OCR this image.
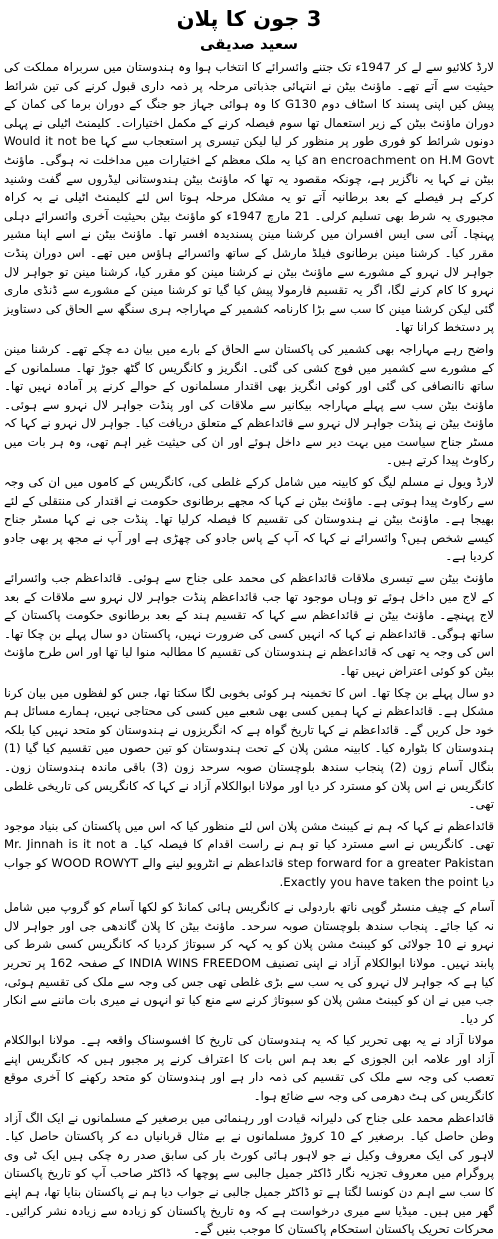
3 جون کا پلان
سعید صدیقی

لارڈ کلائیو سے لے کر 1947ء تک جتنے وائسرائے کا انتخاب ہوا وہ ہندوستان میں سربراہ مملکت کی حیثیت سے آتے تھے۔ ماؤنٹ بیٹن نے انتہائی جذباتی مرحلہ پر ذمہ داری قبول کرنے کی تین شرائط پیش کیں اپنی پسند کا اسٹاف دوم G130 کا وہ ہوائی جہاز جو جنگ کے دوران برما کی کمان کے دوران ماؤنٹ بیٹن کے زیر استعمال تھا سوم فیصلہ کرنے کے مکمل اختیارات۔ کلیمنٹ اٹیلی نے پہلی دونوں شرائط کو فوری طور پر منظور کر لیا لیکن تیسری پر استعجاب سے کہا Would it not be an encroachment on H.M Govt کیا یہ ملک معظم کے اختیارات میں مداخلت نہ ہوگی۔ ماؤنٹ بیٹن نے کہا یہ ناگزیر ہے، چونکہ مقصود یہ تھا کہ ماؤنٹ بیٹن ہندوستانی لیڈروں سے گفت وشنید کرکے ہر فیصلے کے بعد برطانیہ آتے تو یہ مشکل مرحلہ ہوتا اس لئے کلیمنٹ اٹیلی نے بہ کراہ مجبوری یہ شرط بھی تسلیم کرلی۔ 21 مارچ 1947ء کو ماؤنٹ بیٹن بحیثیت آخری وائسرائے دہلی پہنچا۔ آئی سی ایس افسران میں کرشنا مینن پسندیدہ افسر تھا۔ ماؤنٹ بیٹن نے اسے اپنا مشیر مقرر کیا۔ کرشنا مینن برطانوی فیلڈ مارشل کے ساتھ وائسرائے ہاؤس میں تھے۔ اس دوران پنڈت جواہر لال نہرو کے مشورے سے ماؤنٹ بیٹن نے کرشنا مینن کو مقرر کیا، کرشنا مینن تو جواہر لال نہرو کا کام کرنے لگا، اگر یہ تقسیم فارمولا پیش کیا گیا تو کرشنا مینن کے مشورے سے ڈنڈی ماری گئی لیکن کرشنا مینن کا سب سے بڑا کارنامہ کشمیر کے مہاراجہ ہری سنگھ سے الحاق کی دستاویز پر دستخط کرانا تھا۔

واضح رہے مہاراجہ بھی کشمیر کی پاکستان سے الحاق کے بارے میں بیان دے چکے تھے۔ کرشنا مینن کے مشورے سے کشمیر میں فوج کشی کی گئی۔ انگریز و کانگریس کا گٹھ جوڑ تھا۔ مسلمانوں کے ساتھ ناانصافی کی گئی اور کوئی انگریز بھی اقتدار مسلمانوں کے حوالے کرنے پر آمادہ نہیں تھا۔ ماؤنٹ بیٹن سب سے پہلے مہاراجہ بیکانیر سے ملاقات کی اور پنڈت جواہر لال نہرو سے ہوئی۔ ماؤنٹ بیٹن نے پنڈت جواہر لال نہرو سے قائداعظم کے متعلق دریافت کیا۔ جواہر لال نہرو نے کہا کہ مسٹر جناح سیاست میں بہت دیر سے داخل ہوئے اور ان کی حیثیت غیر اہم تھی، وہ ہر بات میں رکاوٹ پیدا کرتے ہیں۔

لارڈ ویول نے مسلم لیگ کو کابینہ میں شامل کرکے غلطی کی، کانگریس کے کاموں میں ان کی وجہ سے رکاوٹ پیدا ہوتی ہے۔ ماؤنٹ بیٹن نے کہا کہ مجھے برطانوی حکومت نے اقتدار کی منتقلی کے لئے بھیجا ہے۔ ماؤنٹ بیٹن نے ہندوستان کی تقسیم کا فیصلہ کرلیا تھا۔ پنڈت جی نے کہا مسٹر جناح کیسے شخص ہیں؟ وائسرائے نے کہا کہ آپ کے پاس جادو کی چھڑی ہے اور آپ نے مجھ پر بھی جادو کردیا ہے۔

ماؤنٹ بیٹن سے تیسری ملاقات قائداعظم کی محمد علی جناح سے ہوئی۔ قائداعظم جب وائسرائے کے لاج میں داخل ہوئے تو وہاں موجود تھا جب قائداعظم پنڈت جواہر لال نہرو سے ملاقات کے بعد لاج پہنچے۔ ماؤنٹ بیٹن نے قائداعظم سے کہا کہ تقسیم ہند کے بعد برطانوی حکومت پاکستان کے ساتھ ہوگی۔ قائداعظم نے کہا کہ انہیں کسی کی ضرورت نہیں، پاکستان دو سال پہلے بن چکا تھا۔ اس کی وجہ یہ تھی کہ قائداعظم نے ہندوستان کی تقسیم کا مطالبہ منوا لیا تھا اور اس طرح ماؤنٹ بیٹن کو کوئی اعتراض نہیں تھا۔

دو سال پہلے بن چکا تھا۔ اس کا تخمینہ ہر کوئی بخوبی لگا سکتا تھا، جس کو لفظوں میں بیان کرنا مشکل ہے۔ قائداعظم نے کہا ہمیں کسی بھی شعبے میں کسی کی محتاجی نہیں، ہمارے مسائل ہم خود حل کریں گے۔ قائداعظم نے کہا تاریخ گواہ ہے کہ انگریزوں نے ہندوستان کو متحد نہیں کیا بلکہ ہندوستان کا بٹوارہ کیا۔ کابینہ مشن پلان کے تحت ہندوستان کو تین حصوں میں تقسیم کیا گیا (1) بنگال آسام زون (2) پنجاب سندھ بلوچستان صوبہ سرحد زون (3) باقی ماندہ ہندوستان زون۔ کانگریس نے اس پلان کو مسترد کر دیا اور مولانا ابوالکلام آزاد نے کہا کہ کانگریس کی تاریخی غلطی تھی۔

قائداعظم نے کہا کہ ہم نے کیبنٹ مشن پلان اس لئے منظور کیا کہ اس میں پاکستان کی بنیاد موجود تھی۔ کانگریس نے اسے مسترد کیا تو ہم نے راست اقدام کا فیصلہ کیا۔ Mr. Jinnah is it not a step forward for a greater Pakistan قائداعظم نے انٹرویو لینے والے WOOD ROWYT کو جواب دیا Exactly you have taken the point.

آسام کے چیف منسٹر گوپی ناتھ باردولی نے کانگریس ہائی کمانڈ کو لکھا آسام کو گروپ میں شامل نہ کیا جائے۔ پنجاب سندھ بلوچستان صوبہ سرحد۔ ماؤنٹ بیٹن کا پلان گاندھی جی اور جواہر لال نہرو نے 10 جولائی کو کیبنٹ مشن پلان کو یہ کہہ کر سبوتاژ کردیا کہ کانگریس کسی شرط کی پابند نہیں۔ مولانا ابوالکلام آزاد نے اپنی تصنیف INDIA WINS FREEDOM کے صفحہ 162 پر تحریر کیا ہے کہ جواہر لال نہرو کی یہ سب سے بڑی غلطی تھی جس کی وجہ سے ملک کی تقسیم ہوئی، جب میں نے ان کو کیبنٹ مشن پلان کو سبوتاژ کرنے سے منع کیا تو انہوں نے میری بات ماننے سے انکار کر دیا۔

مولانا آزاد نے یہ بھی تحریر کیا کہ یہ ہندوستان کی تاریخ کا افسوسناک واقعہ ہے۔ مولانا ابوالکلام آزاد اور علامہ ابن الجوزی کے بعد ہم اس بات کا اعتراف کرنے پر مجبور ہیں کہ کانگریس اپنے تعصب کی وجہ سے ملک کی تقسیم کی ذمہ دار ہے اور ہندوستان کو متحد رکھنے کا آخری موقع کانگریس کی ہٹ دھرمی کی وجہ سے ضائع ہوا۔

قائداعظم محمد علی جناح کی دلیرانہ قیادت اور رہنمائی میں برصغیر کے مسلمانوں نے ایک الگ آزاد وطن حاصل کیا۔ برصغیر کے 10 کروڑ مسلمانوں نے بے مثال قربانیاں دے کر پاکستان حاصل کیا۔ لاہور کی ایک معروف وکیل نے جو لاہور ہائی کورٹ بار کی سابق صدر رہ چکی ہیں ایک ٹی وی پروگرام میں معروف تجزیہ نگار ڈاکٹر جمیل جالبی سے پوچھا کہ ڈاکٹر صاحب آپ کو تاریخ پاکستان کا سب سے اہم دن کونسا لگتا ہے تو ڈاکٹر جمیل جالبی نے جواب دیا ہم نے پاکستان بنایا تھا، ہم اپنے گھر میں ہیں۔ میڈیا سے میری درخواست ہے کہ وہ تاریخ پاکستان کو زیادہ سے زیادہ نشر کرائیں۔ محرکات تحریک پاکستان استحکام پاکستان کا موجب بنیں گے۔
